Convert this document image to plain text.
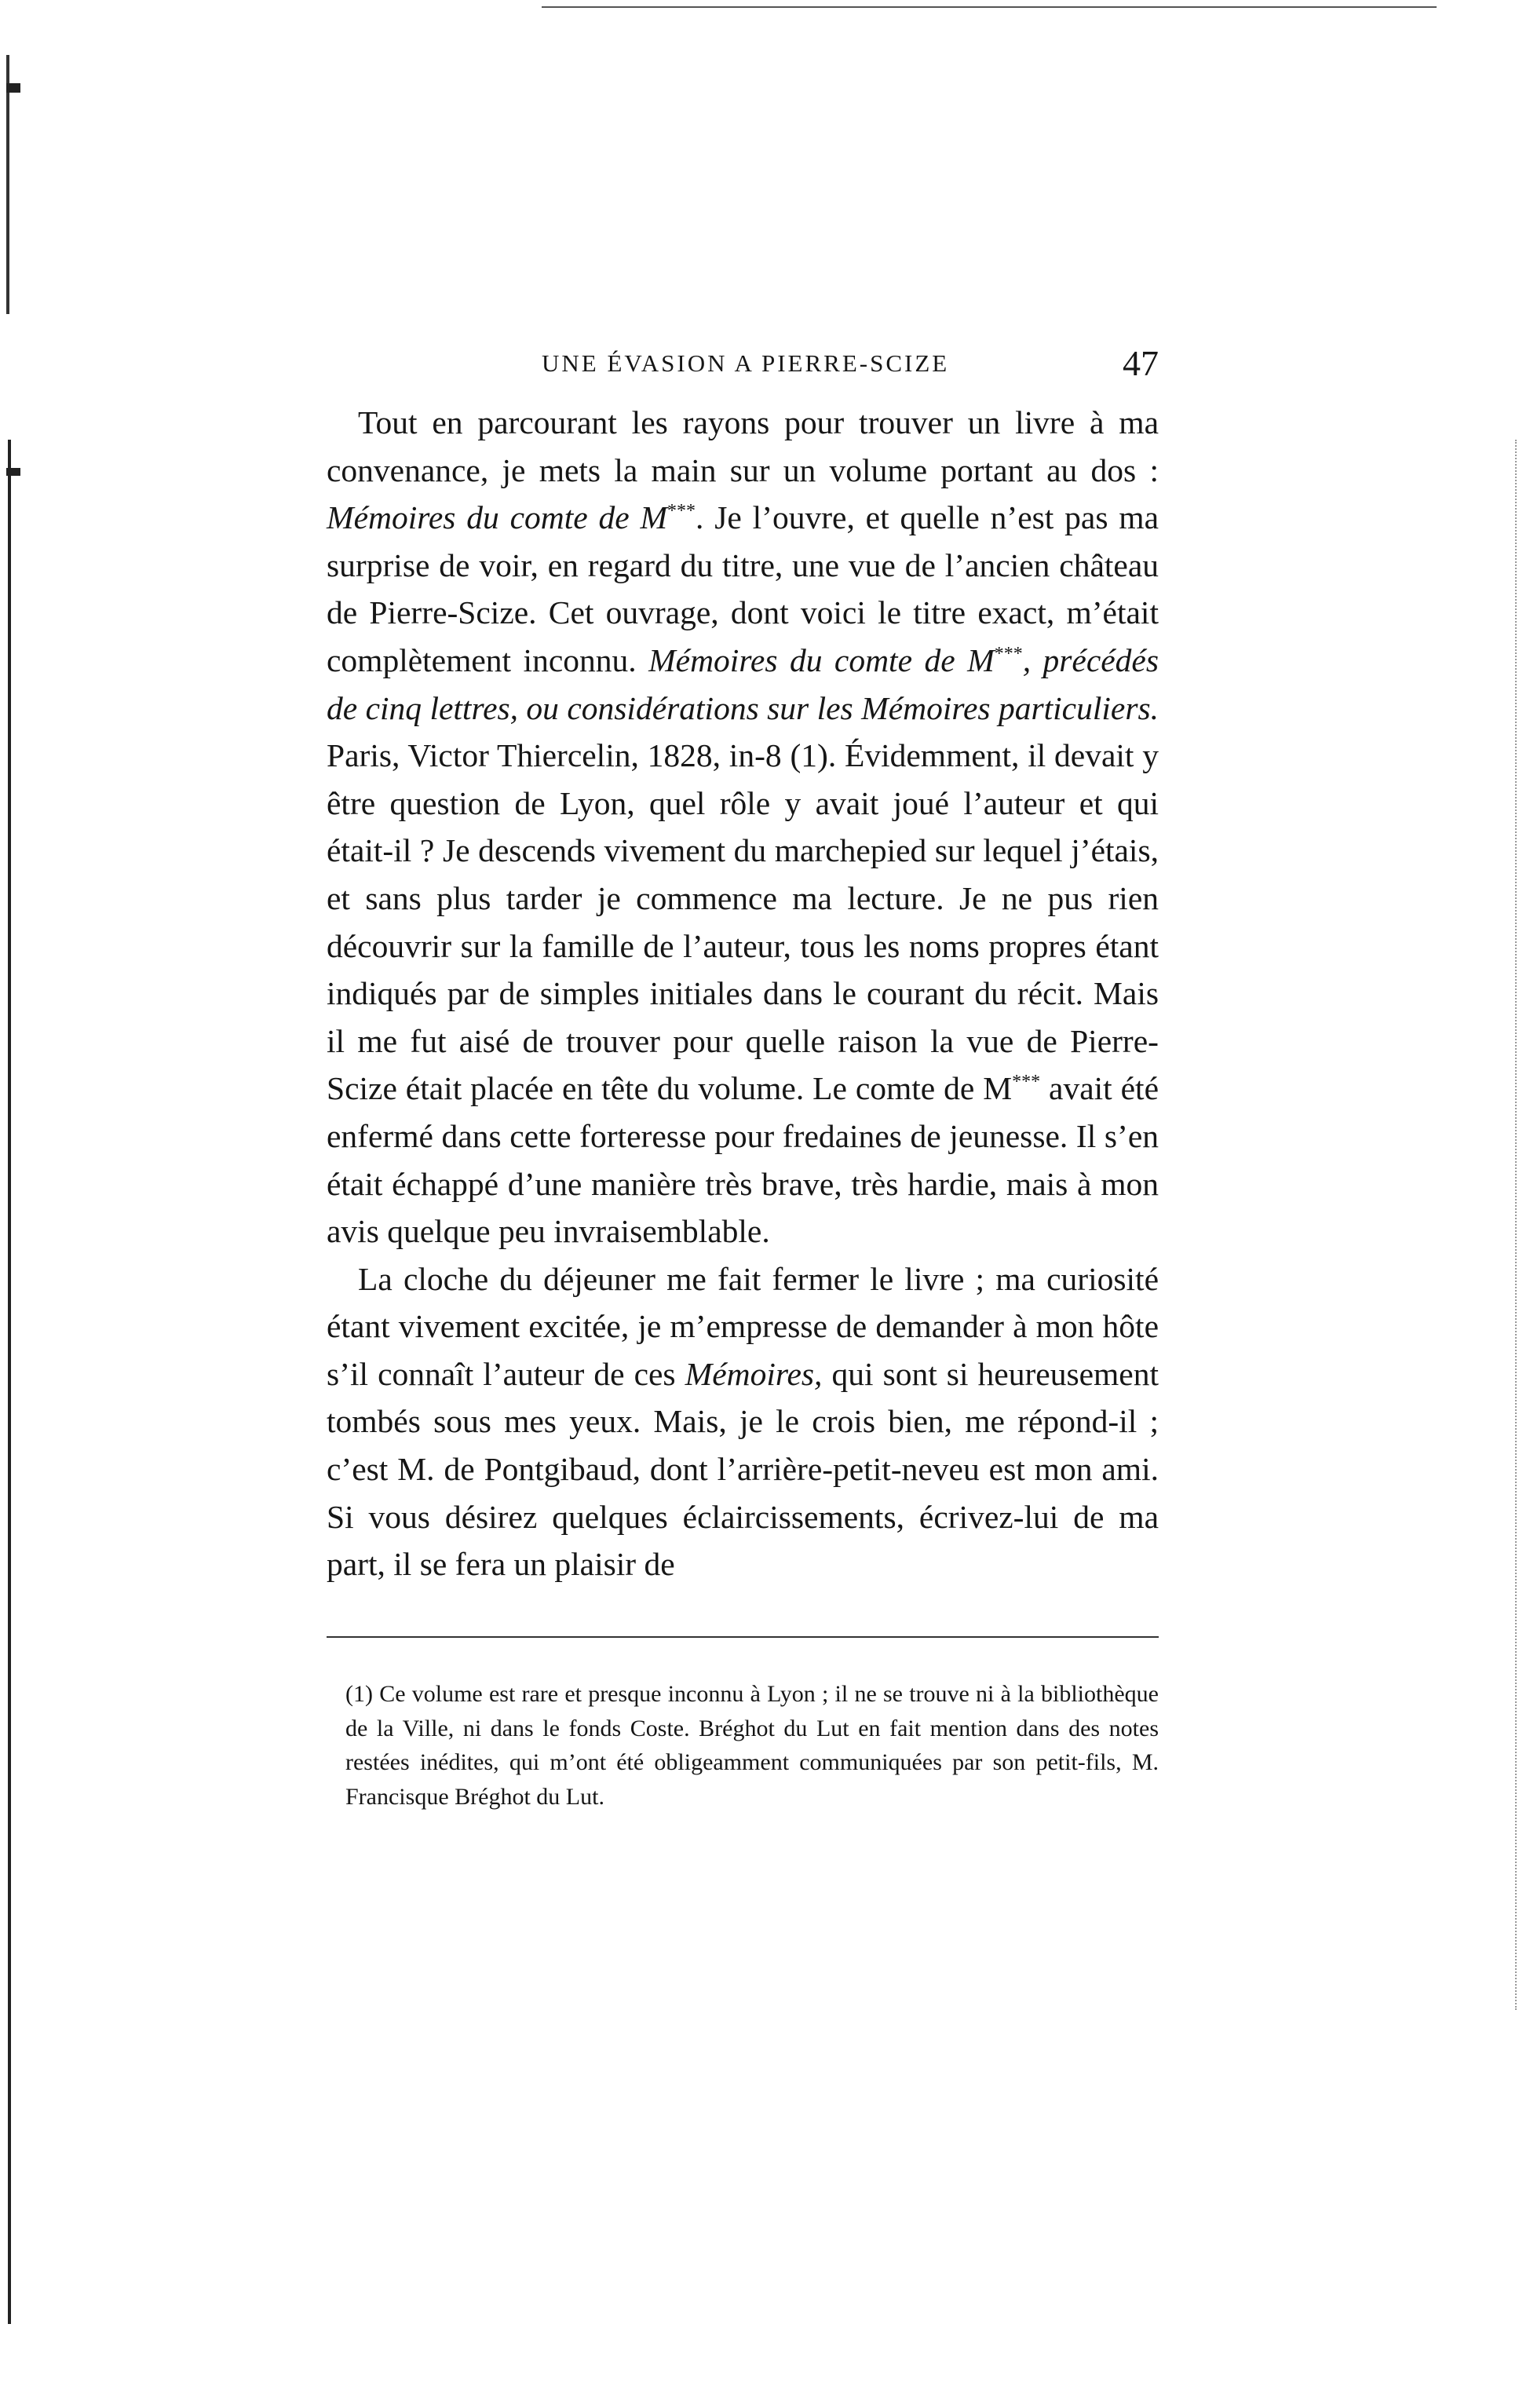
UNE ÉVASION A PIERRE-SCIZE	47

Tout en parcourant les rayons pour trouver un livre à ma convenance, je mets la main sur un volume portant au dos : Mémoires du comte de M***. Je l’ouvre, et quelle n’est pas ma surprise de voir, en regard du titre, une vue de l’ancien château de Pierre-Scize. Cet ouvrage, dont voici le titre exact, m’était complètement inconnu. Mémoires du comte de M***, précédés de cinq lettres, ou considérations sur les Mémoires particuliers. Paris, Victor Thiercelin, 1828, in-8 (1). Évidemment, il devait y être question de Lyon, quel rôle y avait joué l’auteur et qui était-il ? Je descends vivement du marchepied sur lequel j’étais, et sans plus tarder je commence ma lecture. Je ne pus rien découvrir sur la famille de l’auteur, tous les noms propres étant indiqués par de simples initiales dans le courant du récit. Mais il me fut aisé de trouver pour quelle raison la vue de Pierre-Scize était placée en tête du volume. Le comte de M*** avait été enfermé dans cette forteresse pour fredaines de jeunesse. Il s’en était échappé d’une manière très brave, très hardie, mais à mon avis quelque peu invraisemblable.

La cloche du déjeuner me fait fermer le livre ; ma curiosité étant vivement excitée, je m’empresse de demander à mon hôte s’il connaît l’auteur de ces Mémoires, qui sont si heureusement tombés sous mes yeux. Mais, je le crois bien, me répond-il ; c’est M. de Pontgibaud, dont l’arrière-petit-neveu est mon ami. Si vous désirez quelques éclaircissements, écrivez-lui de ma part, il se fera un plaisir de

(1) Ce volume est rare et presque inconnu à Lyon ; il ne se trouve ni à la bibliothèque de la Ville, ni dans le fonds Coste. Bréghot du Lut en fait mention dans des notes restées inédites, qui m’ont été obligeamment communiquées par son petit-fils, M. Francisque Bréghot du Lut.
